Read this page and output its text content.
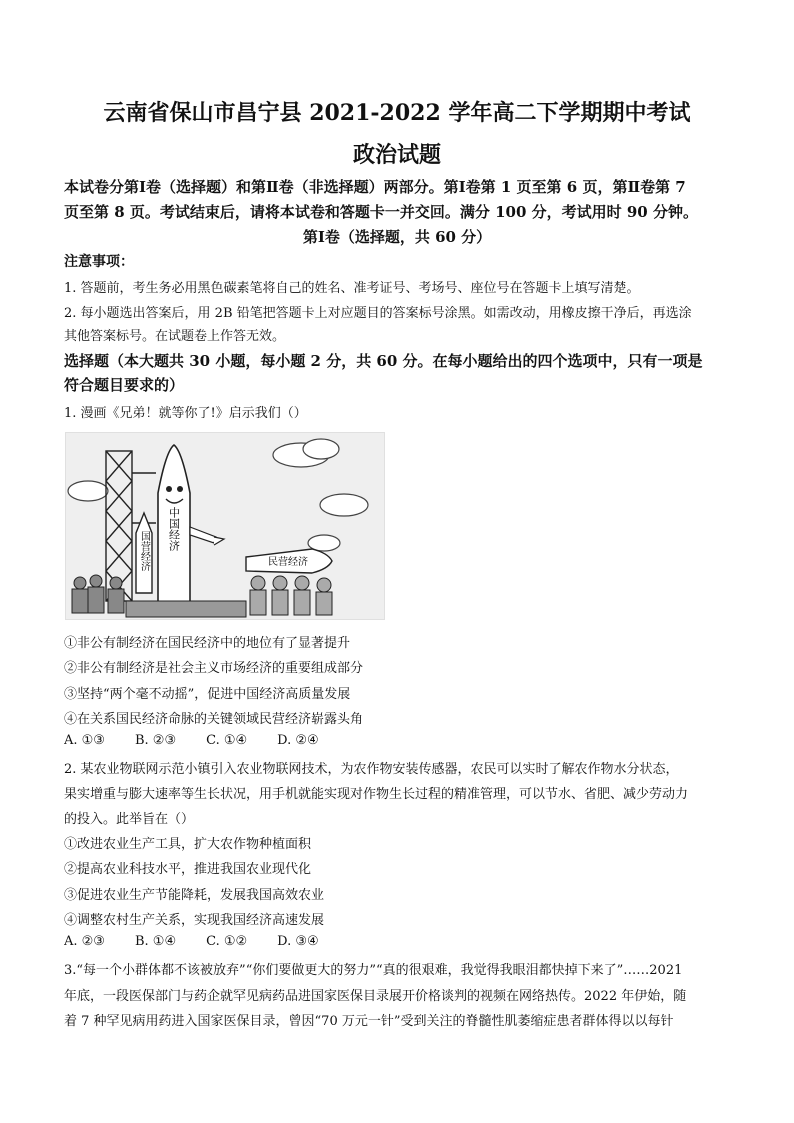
云南省保山市昌宁县 2021-2022 学年高二下学期期中考试
政治试题
本试卷分第Ⅰ卷（选择题）和第Ⅱ卷（非选择题）两部分。第Ⅰ卷第 1 页至第 6 页，第Ⅱ卷第 7
页至第 8 页。考试结束后，请将本试卷和答题卡一并交回。满分 100 分，考试用时 90 分钟。
第Ⅰ卷（选择题，共 60 分）
注意事项：
1. 答题前，考生务必用黑色碳素笔将自己的姓名、准考证号、考场号、座位号在答题卡上填写清楚。
2. 每小题选出答案后，用 2B 铅笔把答题卡上对应题目的答案标号涂黑。如需改动，用橡皮擦干净后，再选涂
其他答案标号。在试题卷上作答无效。
选择题（本大题共 30 小题，每小题 2 分，共 60 分。在每小题给出的四个选项中，只有一项是
符合题目要求的）
1. 漫画《兄弟！就等你了!》启示我们（）
中国经济
国营经济	民营经济
①非公有制经济在国民经济中的地位有了显著提升
②非公有制经济是社会主义市场经济的重要组成部分
③坚持“两个毫不动摇”，促进中国经济高质量发展
④在关系国民经济命脉的关键领域民营经济崭露头角
A. ①③ B. ②③ C. ①④ D. ②④
2. 某农业物联网示范小镇引入农业物联网技术，为农作物安装传感器，农民可以实时了解农作物水分状态，
果实增重与膨大速率等生长状况，用手机就能实现对作物生长过程的精准管理，可以节水、省肥、减少劳动力
的投入。此举旨在（）
①改进农业生产工具，扩大农作物种植面积
②提高农业科技水平，推进我国农业现代化
③促进农业生产节能降耗，发展我国高效农业
④调整农村生产关系，实现我国经济高速发展
A. ②③ B. ①④ C. ①② D. ③④
3.“每一个小群体都不该被放弃”“你们要做更大的努力”“真的很艰难，我觉得我眼泪都快掉下来了”……2021
年底，一段医保部门与药企就罕见病药品进国家医保目录展开价格谈判的视频在网络热传。2022 年伊始，随
着 7 种罕见病用药进入国家医保目录，曾因“70 万元一针”受到关注的脊髓性肌萎缩症患者群体得以以每针
